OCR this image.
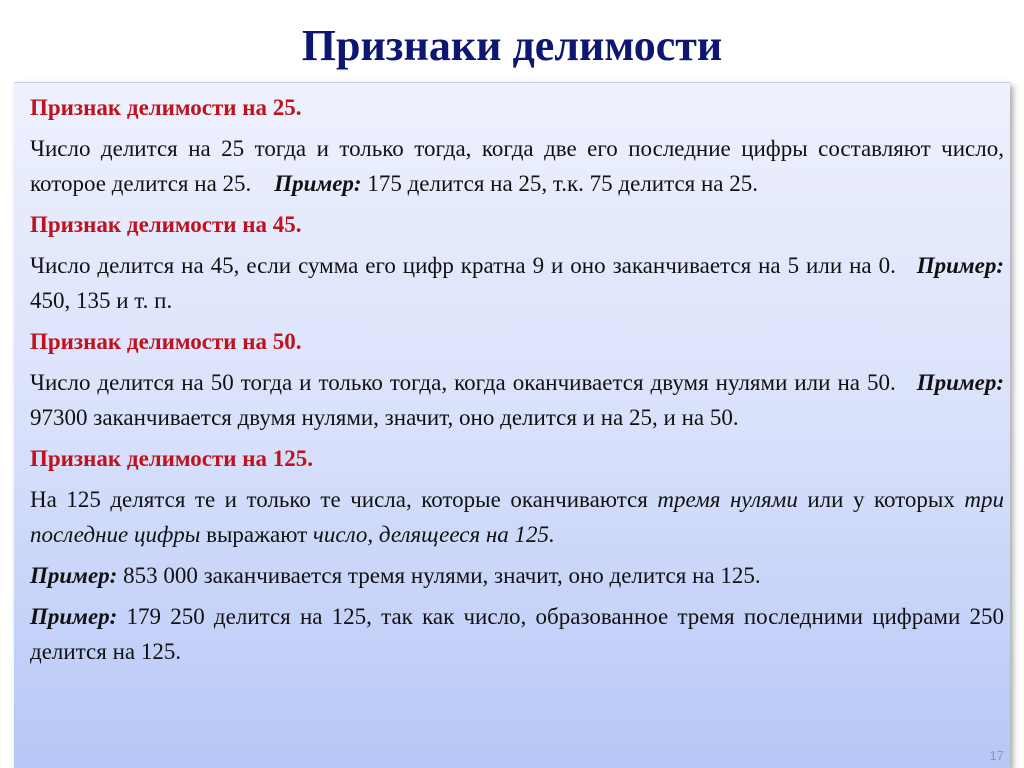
Признаки делимости

Признак делимости на 25.

Число делится на 25 тогда и только тогда, когда две его последние цифры составляют число, которое делится на 25. Пример: 175 делится на 25, т.к. 75 делится на 25.

Признак делимости на 45.

Число делится на 45, если сумма его цифр кратна 9 и оно заканчивается на 5 или на 0. Пример: 450, 135 и т. п.

Признак делимости на 50.

Число делится на 50 тогда и только тогда, когда оканчивается двумя нулями или на 50. Пример: 97300 заканчивается двумя нулями, значит, оно делится и на 25, и на 50.

Признак делимости на 125.

На 125 делятся те и только те числа, которые оканчиваются тремя нулями или у которых три последние цифры выражают число, делящееся на 125.

Пример: 853 000 заканчивается тремя нулями, значит, оно делится на 125.

Пример: 179 250 делится на 125, так как число, образованное тремя последними цифрами 250 делится на 125.

17
